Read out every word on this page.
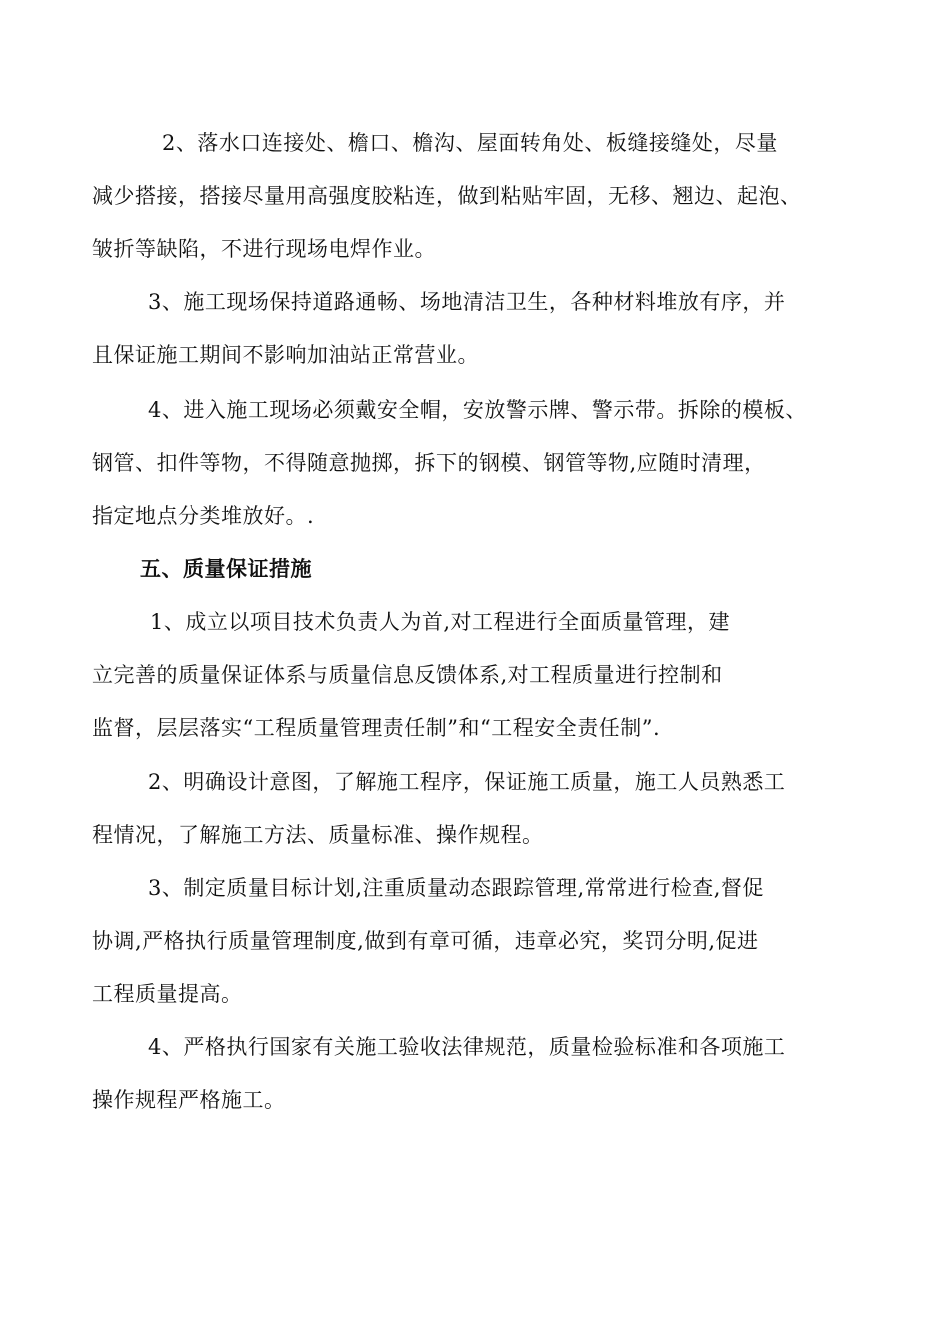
2、落水口连接处、檐口、檐沟、屋面转角处、板缝接缝处，尽量
减少搭接，搭接尽量用高强度胶粘连，做到粘贴牢固，无移、翘边、起泡、
皱折等缺陷，不进行现场电焊作业。
3、施工现场保持道路通畅、场地清洁卫生，各种材料堆放有序，并
且保证施工期间不影响加油站正常营业。
4、进入施工现场必须戴安全帽，安放警示牌、警示带。拆除的模板、
钢管、扣件等物，不得随意抛掷，拆下的钢模、钢管等物,应随时清理，
指定地点分类堆放好。.
五、质量保证措施
1、成立以项目技术负责人为首,对工程进行全面质量管理，建
立完善的质量保证体系与质量信息反馈体系,对工程质量进行控制和
监督，层层落实“工程质量管理责任制”和“工程安全责任制”.
2、明确设计意图，了解施工程序，保证施工质量，施工人员熟悉工
程情况，了解施工方法、质量标准、操作规程。
3、制定质量目标计划,注重质量动态跟踪管理,常常进行检查,督促
协调,严格执行质量管理制度,做到有章可循，违章必究，奖罚分明,促进
工程质量提高。
4、严格执行国家有关施工验收法律规范，质量检验标准和各项施工
操作规程严格施工。
